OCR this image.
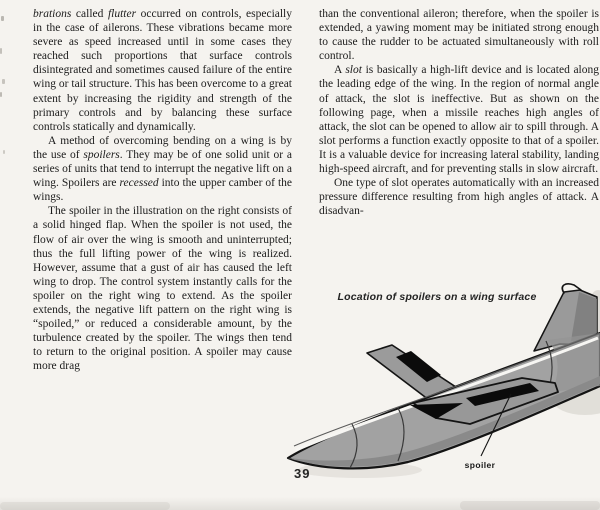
brations called flutter occurred on controls, especially in the case of ailerons. These vibrations became more severe as speed increased until in some cases they reached such proportions that surface controls disintegrated and sometimes caused failure of the entire wing or tail structure. This has been overcome to a great extent by increasing the rigidity and strength of the primary controls and by balancing these surface controls statically and dynamically.

A method of overcoming bending on a wing is by the use of spoilers. They may be of one solid unit or a series of units that tend to interrupt the negative lift on a wing. Spoilers are recessed into the upper camber of the wings.

The spoiler in the illustration on the right consists of a solid hinged flap. When the spoiler is not used, the flow of air over the wing is smooth and uninterrupted; thus the full lifting power of the wing is realized. However, assume that a gust of air has caused the left wing to drop. The control system instantly calls for the spoiler on the right wing to extend. As the spoiler extends, the negative lift pattern on the right wing is “spoiled,” or reduced a considerable amount, by the turbulence created by the spoiler. The wings then tend to return to the original position. A spoiler may cause more drag

than the conventional aileron; therefore, when the spoiler is extended, a yawing moment may be initiated strong enough to cause the rudder to be actuated simultaneously with roll control.

A slot is basically a high-lift device and is located along the leading edge of the wing. In the region of normal angle of attack, the slot is ineffective. But as shown on the following page, when a missile reaches high angles of attack, the slot can be opened to allow air to spill through. A slot performs a function exactly opposite to that of a spoiler. It is a valuable device for increasing lateral stability, landing high-speed aircraft, and for preventing stalls in slow aircraft.

One type of slot operates automatically with an increased pressure difference resulting from high angles of attack. A disadvan-

Location of spoilers on a wing surface
spoiler
39
